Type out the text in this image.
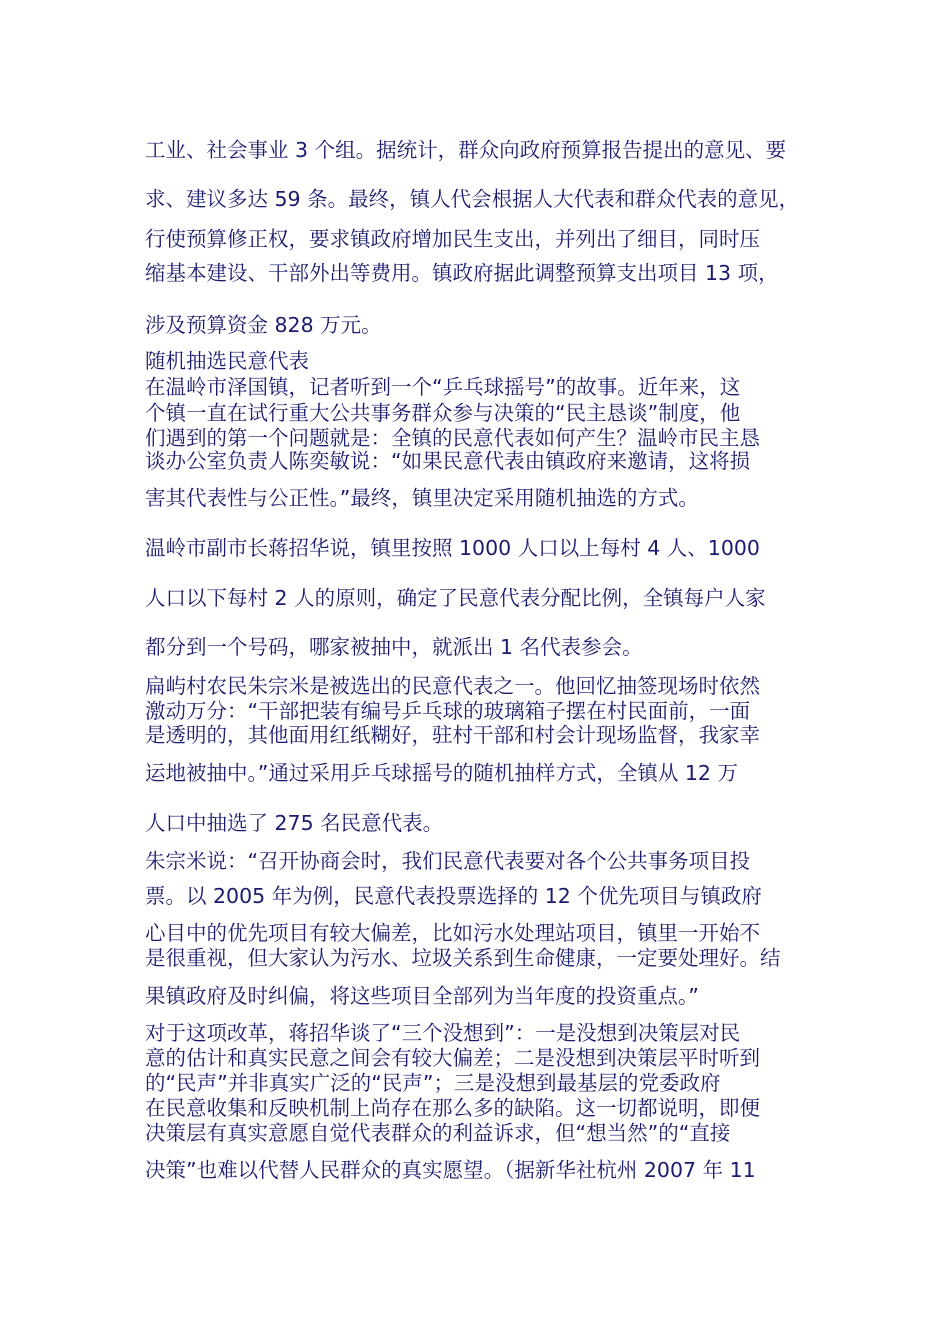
工业、社会事业 3 个组。据统计，群众向政府预算报告提出的意见、要
求、建议多达 59 条。最终，镇人代会根据人大代表和群众代表的意见，
行使预算修正权，要求镇政府增加民生支出，并列出了细目，同时压
缩基本建设、干部外出等费用。镇政府据此调整预算支出项目 13 项，
涉及预算资金 828 万元。
随机抽选民意代表
在温岭市泽国镇，记者听到一个“乒乓球摇号”的故事。近年来，这
个镇一直在试行重大公共事务群众参与决策的“民主恳谈”制度，他
们遇到的第一个问题就是：全镇的民意代表如何产生？温岭市民主恳
谈办公室负责人陈奕敏说：“如果民意代表由镇政府来邀请，这将损
害其代表性与公正性。”最终，镇里决定采用随机抽选的方式。
温岭市副市长蒋招华说，镇里按照 1000 人口以上每村 4 人、1000
人口以下每村 2 人的原则，确定了民意代表分配比例，全镇每户人家
都分到一个号码，哪家被抽中，就派出 1 名代表参会。
扁屿村农民朱宗米是被选出的民意代表之一。他回忆抽签现场时依然
激动万分：“干部把装有编号乒乓球的玻璃箱子摆在村民面前，一面
是透明的，其他面用红纸糊好，驻村干部和村会计现场监督，我家幸
运地被抽中。”通过采用乒乓球摇号的随机抽样方式，全镇从 12 万
人口中抽选了 275 名民意代表。
朱宗米说：“召开协商会时，我们民意代表要对各个公共事务项目投
票。以 2005 年为例，民意代表投票选择的 12 个优先项目与镇政府
心目中的优先项目有较大偏差，比如污水处理站项目，镇里一开始不
是很重视，但大家认为污水、垃圾关系到生命健康，一定要处理好。结
果镇政府及时纠偏，将这些项目全部列为当年度的投资重点。”
对于这项改革，蒋招华谈了“三个没想到”：一是没想到决策层对民
意的估计和真实民意之间会有较大偏差；二是没想到决策层平时听到
的“民声”并非真实广泛的“民声”；三是没想到最基层的党委政府
在民意收集和反映机制上尚存在那么多的缺陷。这一切都说明，即便
决策层有真实意愿自觉代表群众的利益诉求，但“想当然”的“直接
决策”也难以代替人民群众的真实愿望。（据新华社杭州 2007 年 11
